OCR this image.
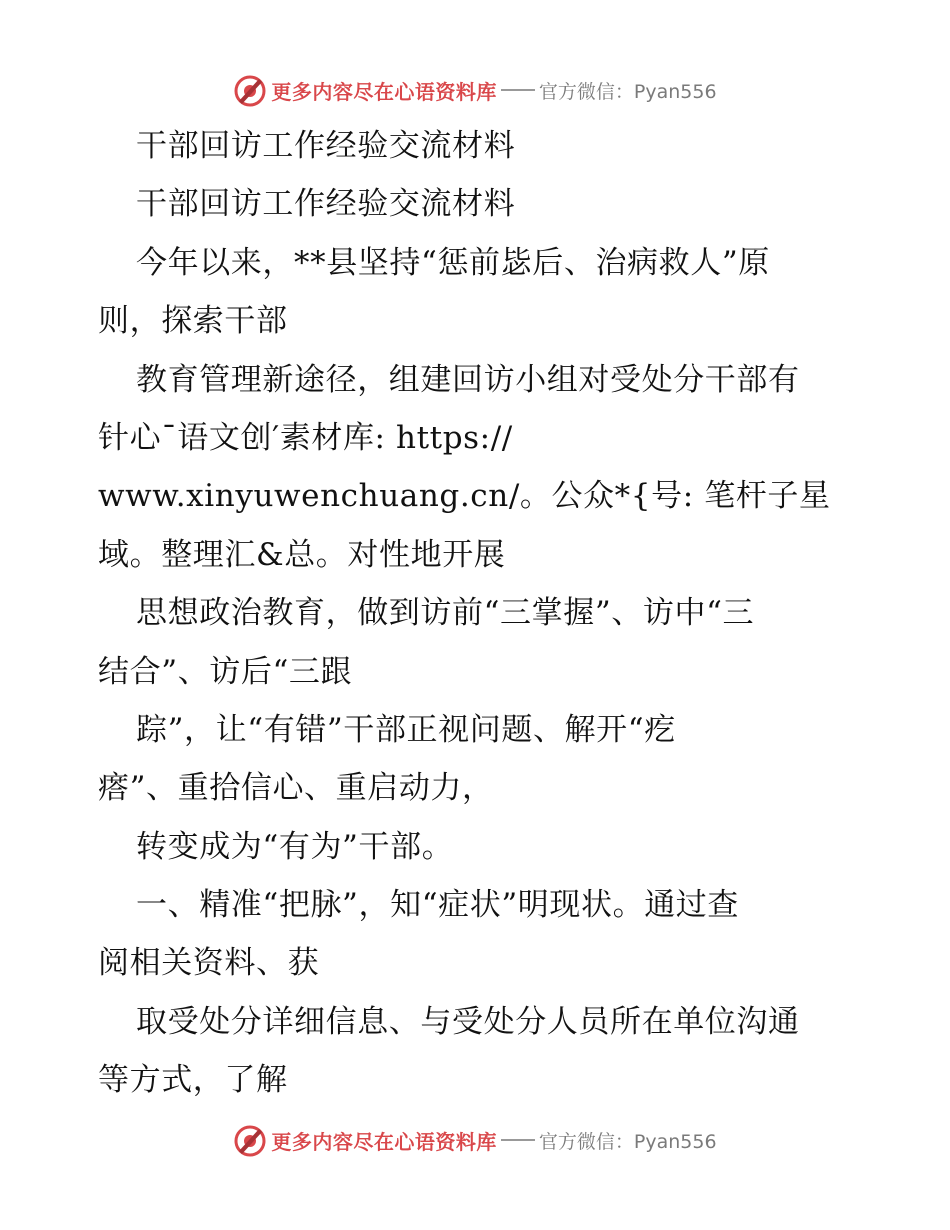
更多内容尽在心语资料库 官方微信：Pyan556
干部回访工作经验交流材料
干部回访工作经验交流材料
今年以来，**县坚持“惩前毖后、治病救人”原
则，探索干部
教育管理新途径，组建回访小组对受处分干部有
针心¯语文创′素材库: https://
www.xinyuwenchuang.cn/。公众*{号: 笔杆子星
域。整理汇&总。对性地开展
思想政治教育，做到访前“三掌握”、访中“三
结合”、访后“三跟
踪”，让“有错”干部正视问题、解开“疙
瘩”、重拾信心、重启动力，
转变成为“有为”干部。
一、精准“把脉”，知“症状”明现状。通过查
阅相关资料、获
取受处分详细信息、与受处分人员所在单位沟通
等方式，了解
更多内容尽在心语资料库 官方微信：Pyan556
